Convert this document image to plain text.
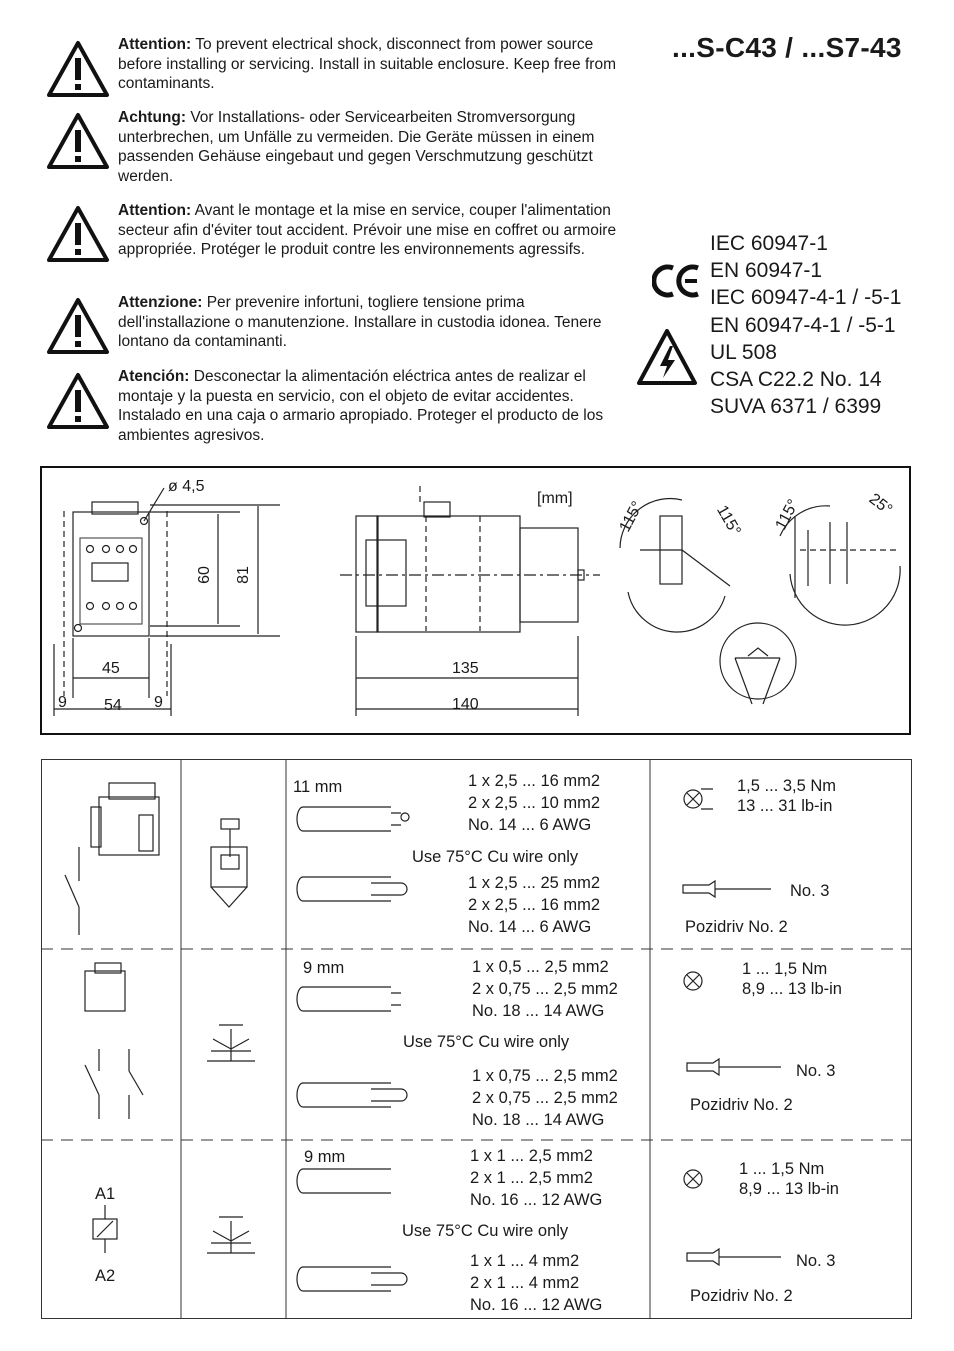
...S-C43 / ...S7-43
Attention: To prevent electrical shock, disconnect from power source before installing or servicing. Install in suitable enclosure. Keep free from contaminants.
Achtung: Vor Installations- oder Servicearbeiten Stromversorgung unterbrechen, um Unfälle zu vermeiden. Die Geräte müssen in einem passenden Gehäuse eingebaut und gegen Verschmutzung geschützt werden.
Attention: Avant le montage et la mise en service, couper l'alimentation secteur afin d'éviter tout accident. Prévoir une mise en coffret ou armoire appropriée. Protéger le produit contre les environnements agressifs.
Attenzione: Per prevenire infortuni, togliere tensione prima dell'installazione o manutenzione. Installare in custodia idonea. Tenere lontano da contaminanti.
Atención: Desconectar la alimentación eléctrica antes de realizar el montaje y la puesta en servicio, con el objeto de evitar accidentes. Instalado en una caja o armario apropiado. Proteger el producto de los ambientes agresivos.
IEC 60947-1
EN 60947-1
IEC 60947-4-1 / -5-1
EN 60947-4-1 / -5-1
UL 508
CSA C22.2 No. 14
SUVA 6371 / 6399
ø 4,5
60 81
45
9 54 9
[mm]
135
140
115°	115° 115°	25°
11 mm	1 x 2,5 ... 16 mm2
2 x 2,5 ... 10 mm2
No. 14 ... 6 AWG
Use 75°C Cu wire only
1 x 2,5 ... 25 mm2
2 x 2,5 ... 16 mm2
No. 14 ... 6 AWG
1,5 ... 3,5 Nm
13 ... 31 lb-in
No. 3
Pozidriv No. 2
9 mm	1 x 0,5 ... 2,5 mm2
2 x 0,75 ... 2,5 mm2
No. 18 ... 14 AWG
Use 75°C Cu wire only
1 x 0,75 ... 2,5 mm2
2 x 0,75 ... 2,5 mm2
No. 18 ... 14 AWG
1 ... 1,5 Nm
8,9 ... 13 lb-in
No. 3
Pozidriv No. 2
9 mm	1 x 1 ... 2,5 mm2
2 x 1 ... 2,5 mm2
No. 16 ... 12 AWG
Use 75°C Cu wire only
1 x 1 ... 4 mm2
2 x 1 ... 4 mm2
No. 16 ... 12 AWG
1 ... 1,5 Nm
8,9 ... 13 lb-in
No. 3
Pozidriv No. 2
A1
A2
